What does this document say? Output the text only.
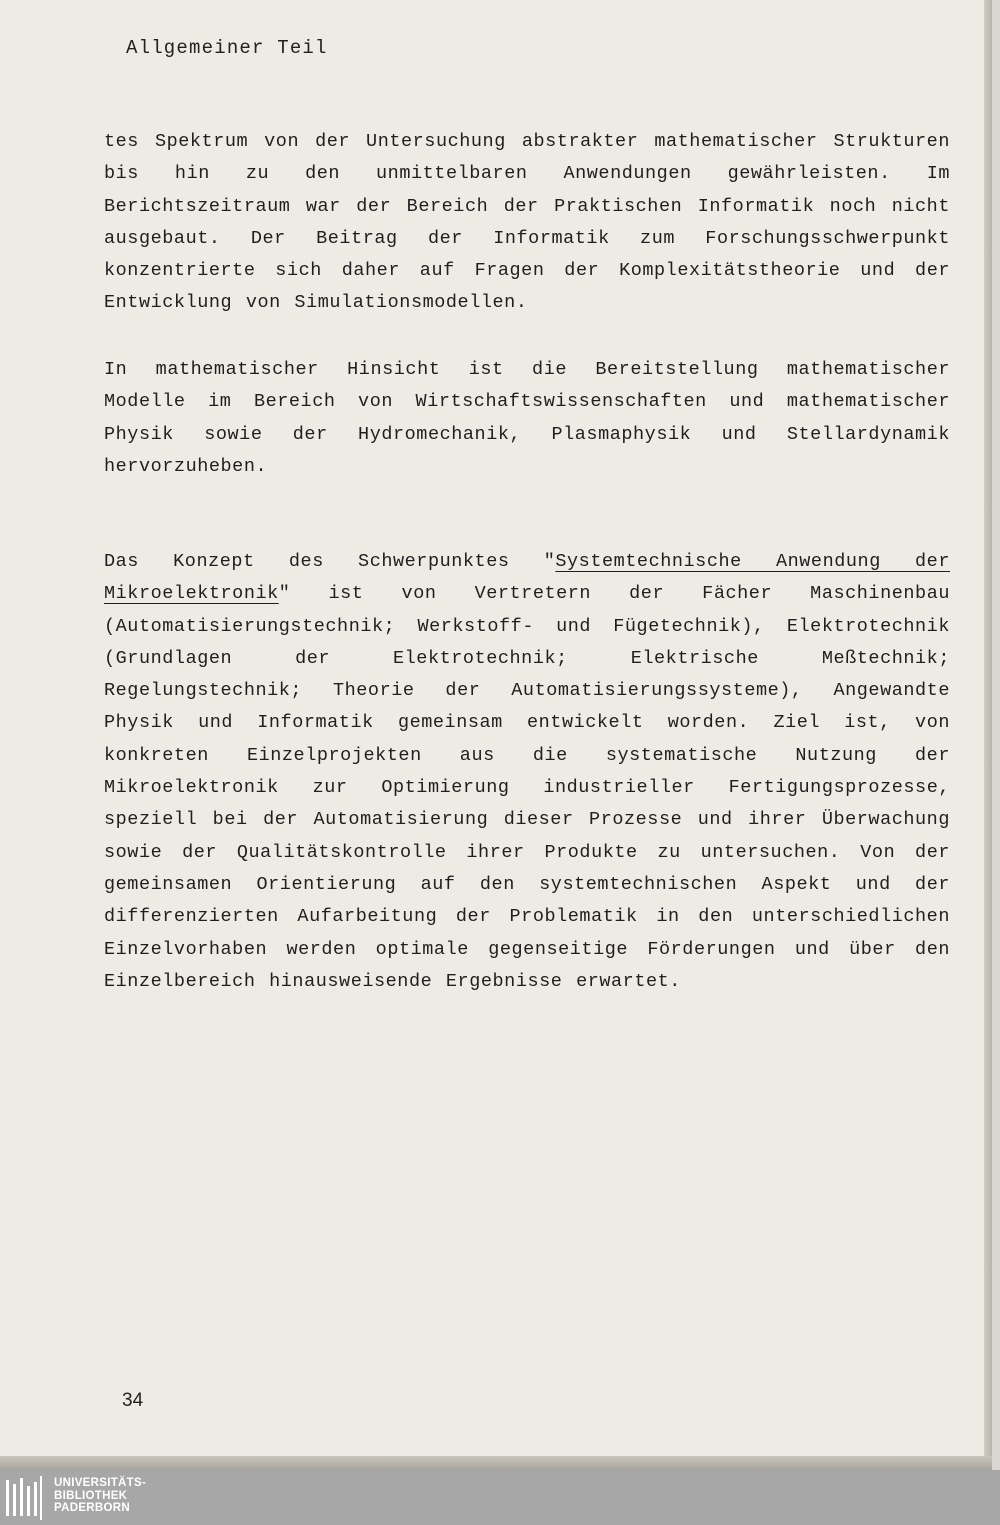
Allgemeiner Teil

tes Spektrum von der Untersuchung abstrakter mathematischer Strukturen bis hin zu den unmittelbaren Anwendungen gewährleisten. Im Berichtszeitraum war der Bereich der Praktischen Informatik noch nicht ausgebaut. Der Beitrag der Informatik zum Forschungsschwerpunkt konzentrierte sich daher auf Fragen der Komplexitätstheorie und der Entwicklung von Simulationsmodellen.

In mathematischer Hinsicht ist die Bereitstellung mathematischer Modelle im Bereich von Wirtschaftswissenschaften und mathematischer Physik sowie der Hydromechanik, Plasmaphysik und Stellardynamik hervorzuheben.

Das Konzept des Schwerpunktes "Systemtechnische Anwendung der Mikroelektronik" ist von Vertretern der Fächer Maschinenbau (Automatisierungstechnik; Werkstoff- und Fügetechnik), Elektrotechnik (Grundlagen der Elektrotechnik; Elektrische Meßtechnik; Regelungstechnik; Theorie der Automatisierungssysteme), Angewandte Physik und Informatik gemeinsam entwickelt worden. Ziel ist, von konkreten Einzelprojekten aus die systematische Nutzung der Mikroelektronik zur Optimierung industrieller Fertigungsprozesse, speziell bei der Automatisierung dieser Prozesse und ihrer Überwachung sowie der Qualitätskontrolle ihrer Produkte zu untersuchen. Von der gemeinsamen Orientierung auf den systemtechnischen Aspekt und der differenzierten Aufarbeitung der Problematik in den unterschiedlichen Einzelvorhaben werden optimale gegenseitige Förderungen und über den Einzelbereich hinausweisende Ergebnisse erwartet.

34
UNIVERSITÄTS-
BIBLIOTHEK
PADERBORN
